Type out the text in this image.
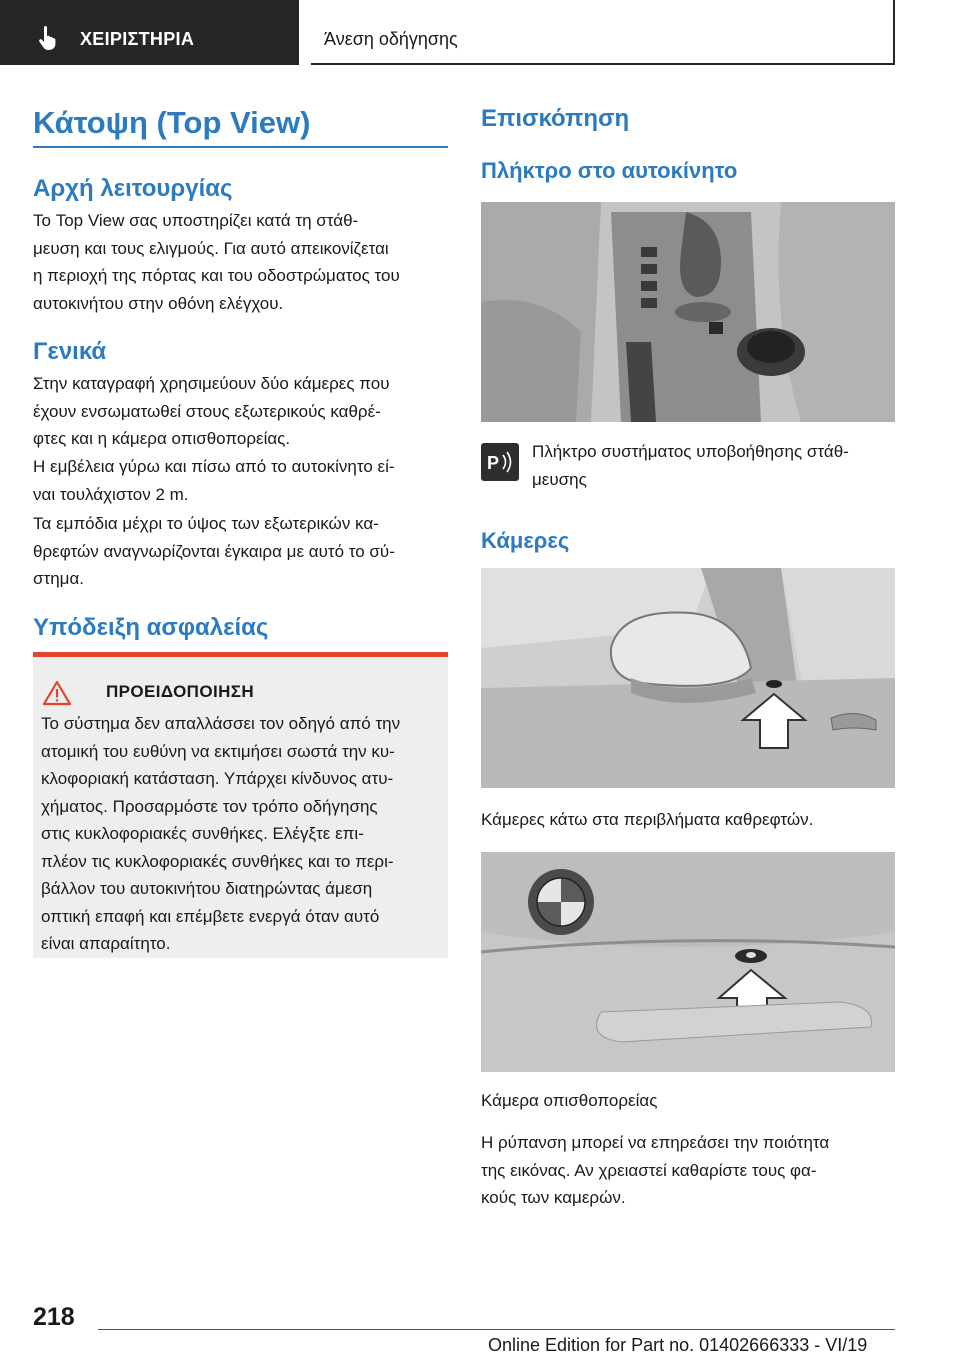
ΧΕΙΡΙΣΤΗΡΙΑ	Άνεση οδήγησης
Κάτοψη (Top View)
Αρχή λειτουργίας

Το Top View σας υποστηρίζει κατά τη στάθ‐

μευση και τους ελιγμούς. Για αυτό απεικονίζεται

η περιοχή της πόρτας και του οδοστρώματος του

αυτοκινήτου στην οθόνη ελέγχου.

Γενικά

Στην καταγραφή χρησιμεύουν δύο κάμερες που

έχουν ενσωματωθεί στους εξωτερικούς καθρέ‐

φτες και η κάμερα οπισθοπορείας.

Η εμβέλεια γύρω και πίσω από το αυτοκίνητο εί‐

ναι τουλάχιστον 2 m.

Τα εμπόδια μέχρι το ύψος των εξωτερικών κα‐

θρεφτών αναγνωρίζονται έγκαιρα με αυτό το σύ‐

στημα.

Υπόδειξη ασφαλείας
ΠΡΟΕΙΔΟΠΟΙΗΣΗ

Το σύστημα δεν απαλλάσσει τον οδηγό από την

ατομική του ευθύνη να εκτιμήσει σωστά την κυ‐

κλοφοριακή κατάσταση. Υπάρχει κίνδυνος ατυ‐

χήματος. Προσαρμόστε τον τρόπο οδήγησης

στις κυκλοφοριακές συνθήκες. Ελέγξτε επι‐

πλέον τις κυκλοφοριακές συνθήκες και το περι‐

βάλλον του αυτοκινήτου διατηρώντας άμεση

οπτική επαφή και επέμβετε ενεργά όταν αυτό

είναι απαραίτητο.

Επισκόπηση
Πλήκτρο στο αυτοκίνητο
P

Πλήκτρο συστήματος υποβοήθησης στάθ‐

μευσης

Κάμερες
Κάμερες κάτω στα περιβλήματα καθρεφτών.
Κάμερα οπισθοπορείας

Η ρύπανση μπορεί να επηρεάσει την ποιότητα

της εικόνας. Αν χρειαστεί καθαρίστε τους φα‐

κούς των καμερών.

218
Online Edition for Part no. 01402666333 - VI/19
